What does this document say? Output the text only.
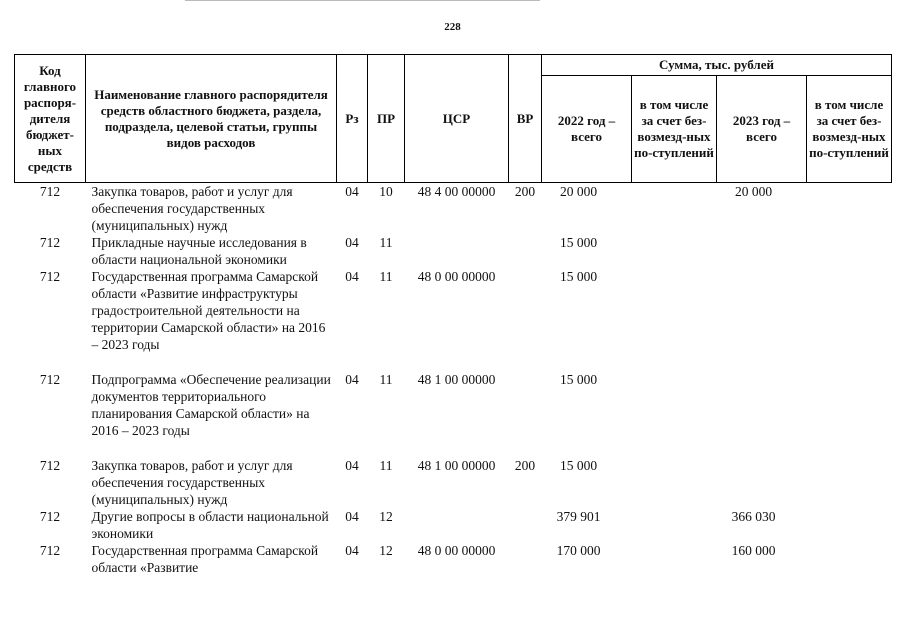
228
Код главного распоря-дителя бюджет-ных средств	Наименование главного распорядителя средств областного бюджета, раздела, подраздела, целевой статьи, группы видов расходов	Рз	ПР	ЦСР	ВР	Сумма, тыс. рублей			
						2022 год – всего	в том числе за счет без-возмезд-ных по-ступлений	2023 год – всего	в том числе за счет без-возмезд-ных по-ступлений
712	Закупка товаров, работ и услуг для обеспечения государственных (муниципальных) нужд	04	10	48 4 00 00000	200	20 000		20 000	
712	Прикладные научные исследования в области национальной экономики	04	11			15 000			
712	Государственная программа Самарской области «Развитие инфраструктуры градостроительной деятельности на территории Самарской области» на 2016 – 2023 годы	04	11	48 0 00 00000		15 000			
712	Подпрограмма «Обеспечение реализации документов территориального планирования Самарской области» на 2016 – 2023 годы	04	11	48 1 00 00000		15 000			
712	Закупка товаров, работ и услуг для обеспечения государственных (муниципальных) нужд	04	11	48 1 00 00000	200	15 000			
712	Другие вопросы в области национальной экономики	04	12			379 901		366 030	
712	Государственная программа Самарской области «Развитие	04	12	48 0 00 00000		170 000		160 000	
